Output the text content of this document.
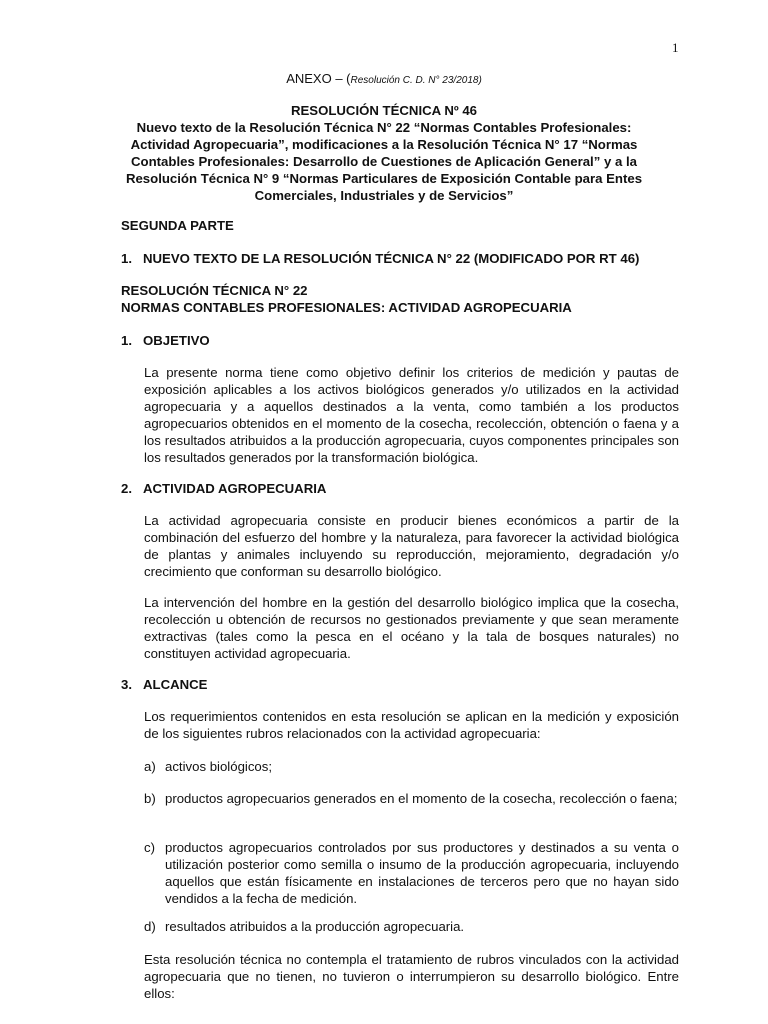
1
ANEXO – (Resolución C. D. N° 23/2018)
RESOLUCIÓN TÉCNICA Nº 46
Nuevo texto de la Resolución Técnica N° 22 “Normas Contables Profesionales: Actividad Agropecuaria”, modificaciones a la Resolución Técnica N° 17 “Normas Contables Profesionales: Desarrollo de Cuestiones de Aplicación General” y a la Resolución Técnica N° 9 “Normas Particulares de Exposición Contable para Entes Comerciales, Industriales y de Servicios”
SEGUNDA PARTE
1. NUEVO TEXTO DE LA RESOLUCIÓN TÉCNICA N° 22 (MODIFICADO POR RT 46)
RESOLUCIÓN TÉCNICA N° 22
NORMAS CONTABLES PROFESIONALES: ACTIVIDAD AGROPECUARIA
1. OBJETIVO
La presente norma tiene como objetivo definir los criterios de medición y pautas de exposición aplicables a los activos biológicos generados y/o utilizados en la actividad agropecuaria y a aquellos destinados a la venta, como también a los productos agropecuarios obtenidos en el momento de la cosecha, recolección, obtención o faena y a los resultados atribuidos a la producción agropecuaria, cuyos componentes principales son los resultados generados por la transformación biológica.
2. ACTIVIDAD AGROPECUARIA
La actividad agropecuaria consiste en producir bienes económicos a partir de la combinación del esfuerzo del hombre y la naturaleza, para favorecer la actividad biológica de plantas y animales incluyendo su reproducción, mejoramiento, degradación y/o crecimiento que conforman su desarrollo biológico.
La intervención del hombre en la gestión del desarrollo biológico implica que la cosecha, recolección u obtención de recursos no gestionados previamente y que sean meramente extractivas (tales como la pesca en el océano y la tala de bosques naturales) no constituyen actividad agropecuaria.
3. ALCANCE
Los requerimientos contenidos en esta resolución se aplican en la medición y exposición de los siguientes rubros relacionados con la actividad agropecuaria:
a) activos biológicos;
b) productos agropecuarios generados en el momento de la cosecha, recolección o faena;
c) productos agropecuarios controlados por sus productores y destinados a su venta o utilización posterior como semilla o insumo de la producción agropecuaria, incluyendo aquellos que están físicamente en instalaciones de terceros pero que no hayan sido vendidos a la fecha de medición.
d) resultados atribuidos a la producción agropecuaria.
Esta resolución técnica no contempla el tratamiento de rubros vinculados con la actividad agropecuaria que no tienen, no tuvieron o interrumpieron su desarrollo biológico. Entre ellos:
